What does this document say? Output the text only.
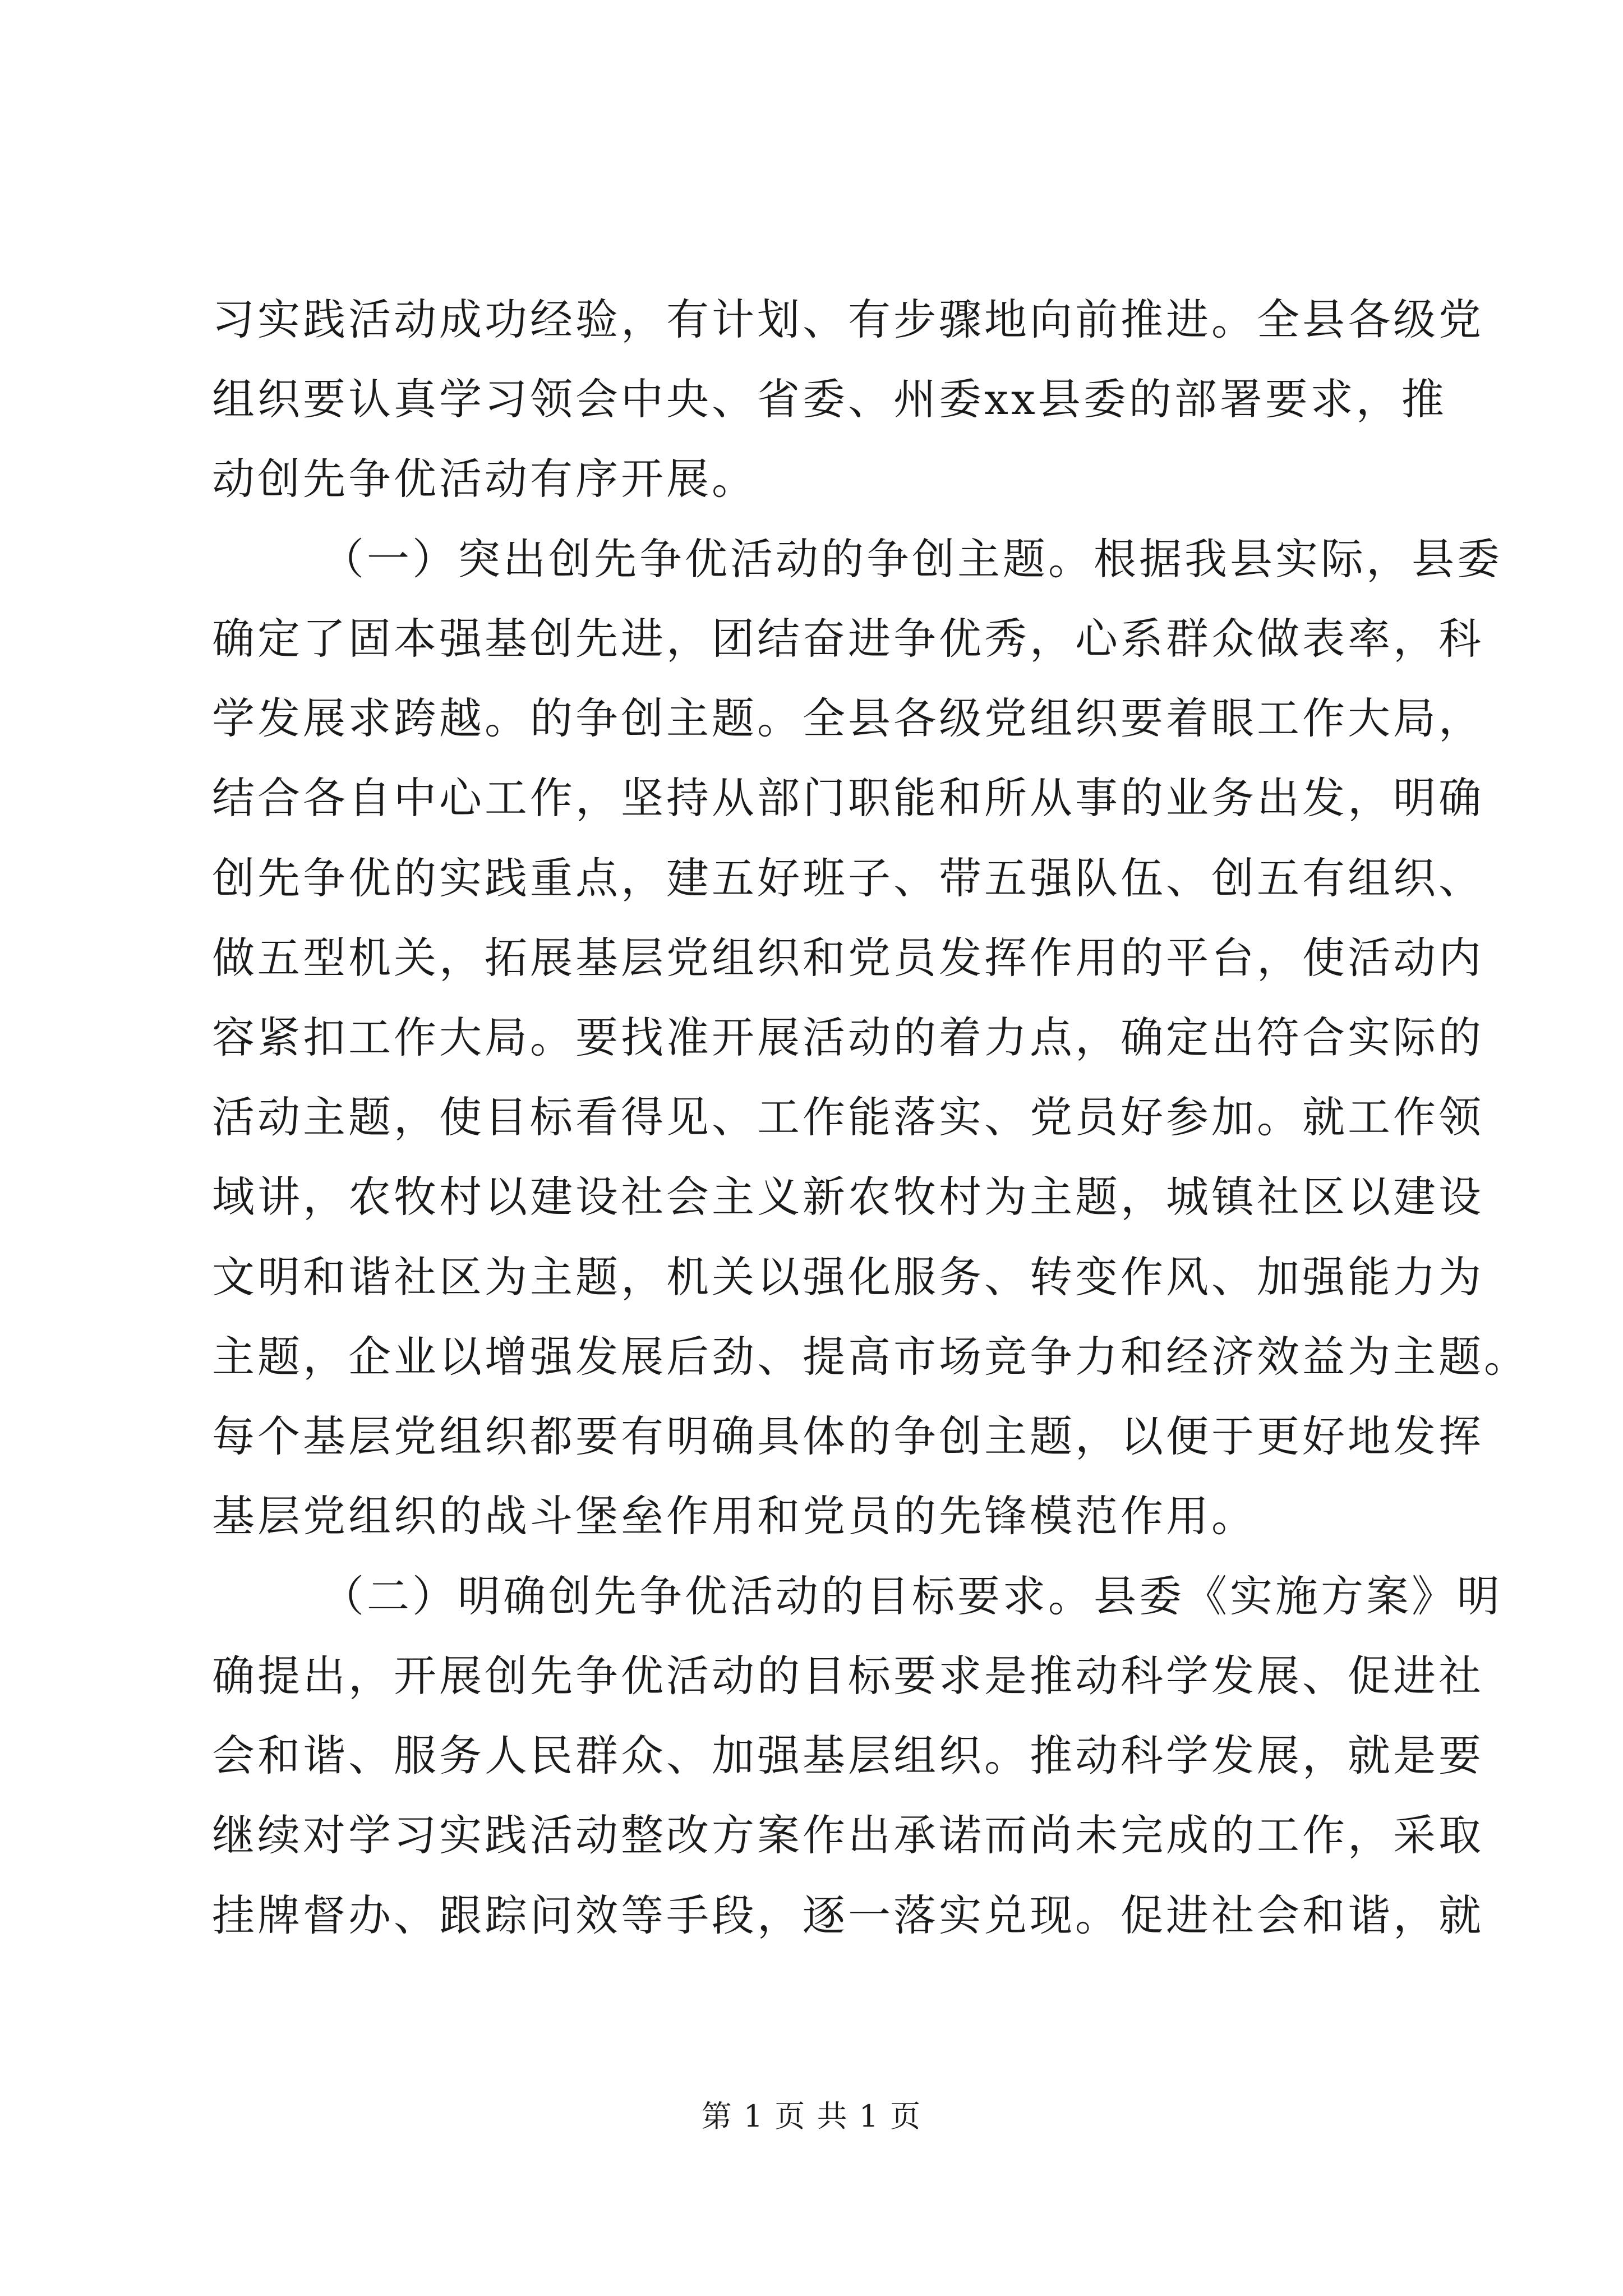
习实践活动成功经验，有计划、有步骤地向前推进。全县各级党
组织要认真学习领会中央、省委、州委xx县委的部署要求，推
动创先争优活动有序开展。
（一）突出创先争优活动的争创主题。根据我县实际，县委
确定了固本强基创先进，团结奋进争优秀，心系群众做表率，科
学发展求跨越。的争创主题。全县各级党组织要着眼工作大局，
结合各自中心工作，坚持从部门职能和所从事的业务出发，明确
创先争优的实践重点，建五好班子、带五强队伍、创五有组织、
做五型机关，拓展基层党组织和党员发挥作用的平台，使活动内
容紧扣工作大局。要找准开展活动的着力点，确定出符合实际的
活动主题，使目标看得见、工作能落实、党员好参加。就工作领
域讲，农牧村以建设社会主义新农牧村为主题，城镇社区以建设
文明和谐社区为主题，机关以强化服务、转变作风、加强能力为
主题，企业以增强发展后劲、提高市场竞争力和经济效益为主题。
每个基层党组织都要有明确具体的争创主题，以便于更好地发挥
基层党组织的战斗堡垒作用和党员的先锋模范作用。
（二）明确创先争优活动的目标要求。县委《实施方案》明
确提出，开展创先争优活动的目标要求是推动科学发展、促进社
会和谐、服务人民群众、加强基层组织。推动科学发展，就是要
继续对学习实践活动整改方案作出承诺而尚未完成的工作，采取
挂牌督办、跟踪问效等手段，逐一落实兑现。促进社会和谐，就
第 1 页 共 1 页
